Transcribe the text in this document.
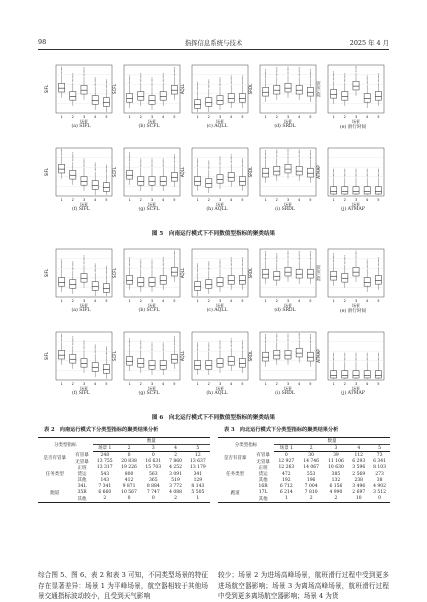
98	指挥信息系统与技术	2025 年 4 月
1 2 3 4 5
SIFL
场景
(a) SIFL
1 2 3 4 5
SCFL
场景
(b) SCFL
1 2 3 4 5
AQLL
场景
(c) AQLL
1 2 3 4 5
SRDL
场景
(d) SRDL
1 2 3 4 5
滑行时间
场景
(e) 滑行时间
1 2 3 4 5
SIFL
场景
(f) SIFL
1 2 3 4 5
SCFL
场景
(g) SCFL
1 2 3 4 5
AQLL
场景
(h) AQLL
1 2 3 4 5
SRDL
场景
(i) SRDL
1 2 3 4 5
ATMAP
场景
(j) ATMAP
1 2 3 4 5
SIFL
场景
(a) SIFL
1 2 3 4 5
SCFL
场景
(b) SCFL
1 2 3 4 5
AQLL
场景
(c) AQLL
1 2 3 4 5
SRDL
场景
(d) SRDL
1 2 3 4 5
滑行时间
场景
(e) 滑行时间
1 2 3 4 5
SIFL
场景
(f) SIFL
1 2 3 4 5
SCFL
场景
(g) SCFL
1 2 3 4 5
AQLL
场景
(h) AQLL
1 2 3 4 5
SRDL
场景
(i) SRDL
1 2 3 4 5
ATMAP
场景
(j) ATMAP
图 5　向南运行模式下不同数值型指标的聚类结果
图 6　向北运行模式下不同数值型指标的聚类结果
表 2　向南运行模式下分类型指标的聚类结果分析	表 3　向北运行模式下分类型指标的聚类结果分析
分类型指标		数量				
		场景 1	2	3	4	5
是否有冒暴	有冒暴	248	0	0	2	12
	无冒暴	13 755	20 838	16 631	7 860	13 637
任务类型	正班	13 317	19 226	15 703	4 252	13 179
	货运	543	800	563	3 091	341
	其他	143	412	365	519	129
跑道	34L	7 341	9 871	8 884	3 772	8 143
	35R	6 660	10 567	7 747	4 088	5 505
	其他	2	0	0	2	1
分类型指标		数量				
		场景 1	2	3	4	5
是否有冒暴	有冒暴	0	30	39	112	73
	无冒暴	12 927	14 746	11 106	6 293	6 341
任务类型	正班	12 263	14 067	10 630	3 596	8 103
	货运	472	553	385	2 569	273
	其他	192	196	132	238	38
跑道	16R	6 712	7 004	6 156	3 496	4 902
	17L	6 214	7 810	4 990	2 697	3 512
	其他	1	2	2	10	0
综合图 5、图 6、表 2 和表 3 可知，不同类型场景的特征存在显著差异：场景 1 为平峰场景，航空器相较于其他场景交通指标波动较小，且受到天气影响
较少；场景 2 为进场高峰场景，航班滑行过程中受到更多进场航空器影响；场景 3 为离场高峰场景，航班滑行过程中受到更多离场航空器影响；场景 4 为货
